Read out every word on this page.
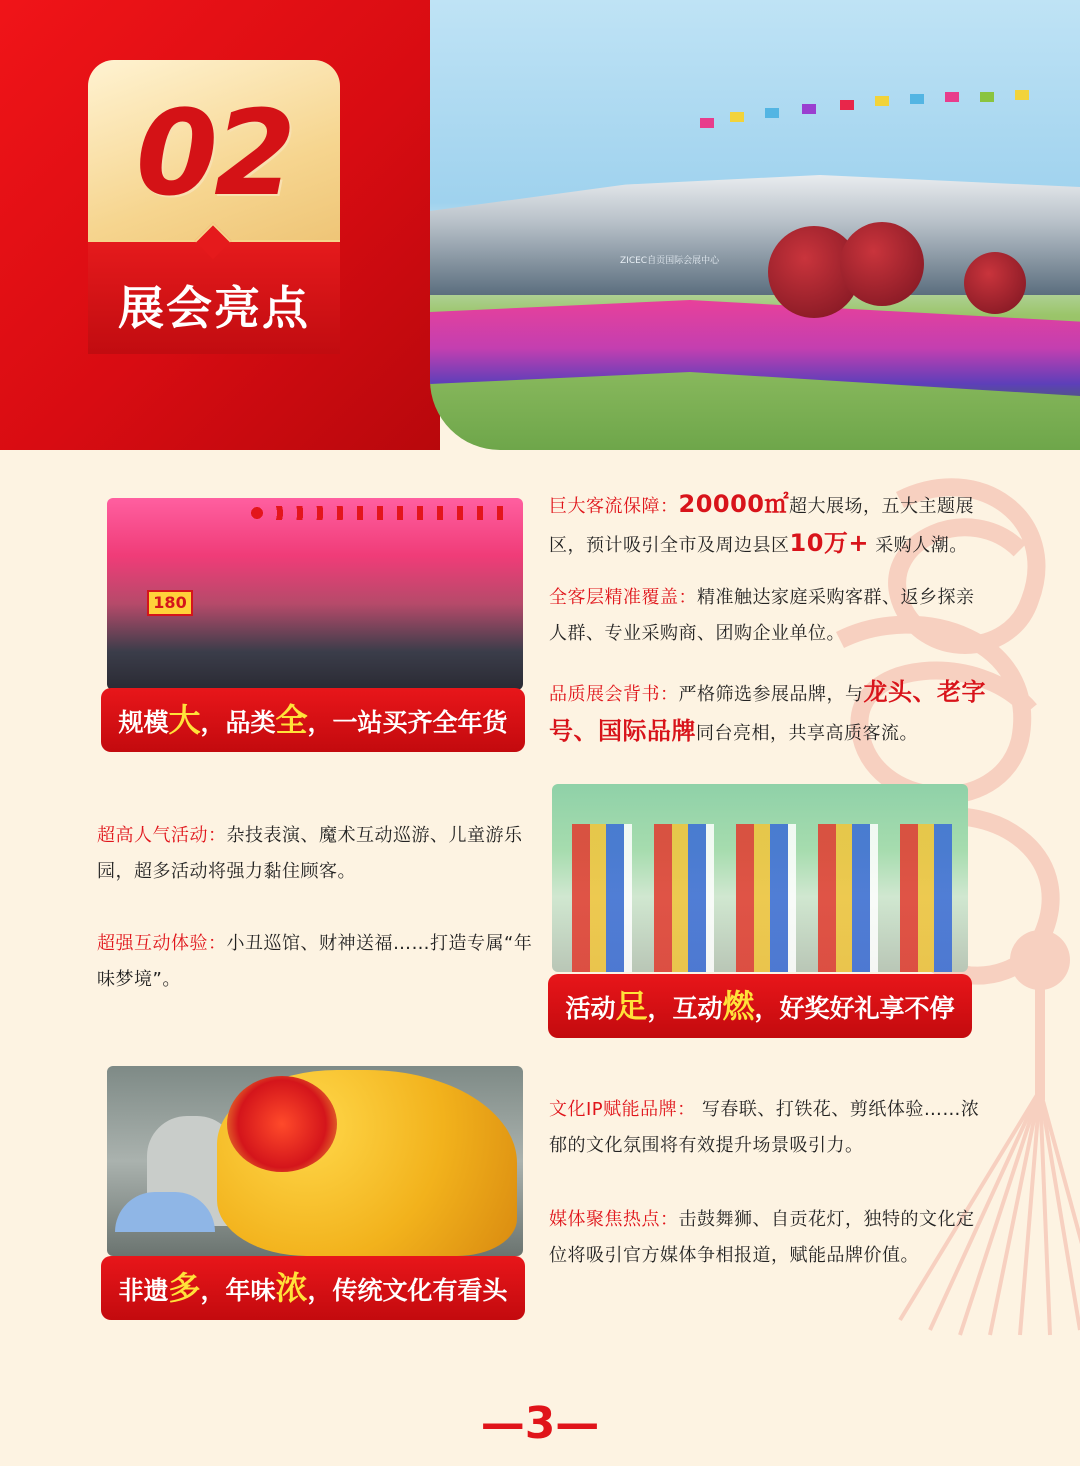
02
展会亮点
ZICEC自贡国际会展中心
180
规模大，品类全，一站买齐全年货
活动足，互动燃，好奖好礼享不停
非遗多，年味浓，传统文化有看头
巨大客流保障：20000㎡超大展场，五大主题展区，预计吸引全市及周边县区10万+ 采购人潮。
全客层精准覆盖：精准触达家庭采购客群、返乡探亲人群、专业采购商、团购企业单位。
品质展会背书：严格筛选参展品牌，与龙头、老字号、国际品牌同台亮相，共享高质客流。
超高人气活动：杂技表演、魔术互动巡游、儿童游乐园，超多活动将强力黏住顾客。
超强互动体验：小丑巡馆、财神送福……打造专属“年味梦境”。
文化IP赋能品牌： 写春联、打铁花、剪纸体验……浓郁的文化氛围将有效提升场景吸引力。
媒体聚焦热点：击鼓舞狮、自贡花灯，独特的文化定位将吸引官方媒体争相报道，赋能品牌价值。
—3—
